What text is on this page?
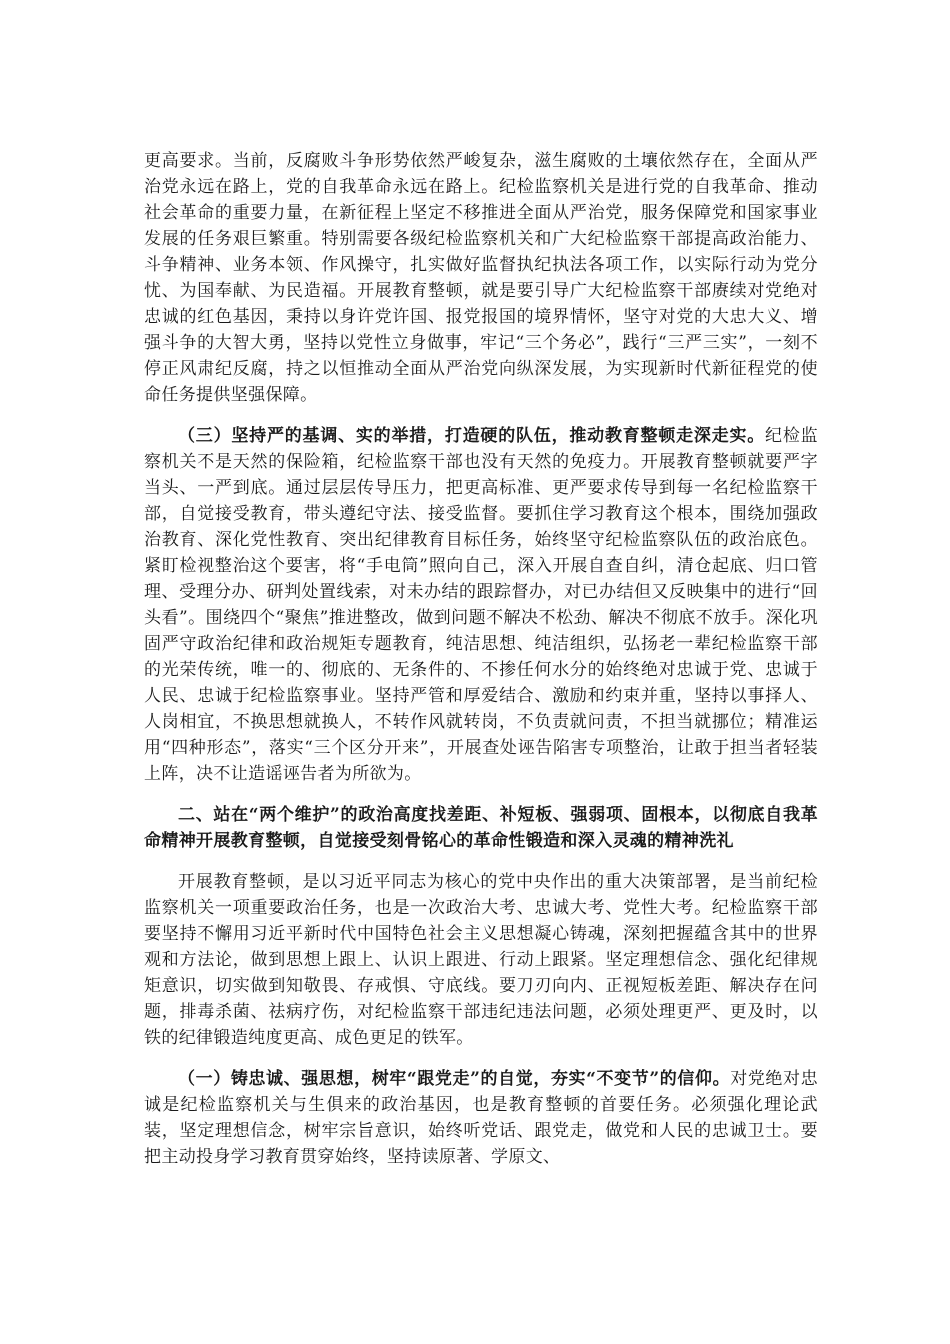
更高要求。当前，反腐败斗争形势依然严峻复杂，滋生腐败的土壤依然存在，全面从严治党永远在路上，党的自我革命永远在路上。纪检监察机关是进行党的自我革命、推动社会革命的重要力量，在新征程上坚定不移推进全面从严治党，服务保障党和国家事业发展的任务艰巨繁重。特别需要各级纪检监察机关和广大纪检监察干部提高政治能力、斗争精神、业务本领、作风操守，扎实做好监督执纪执法各项工作，以实际行动为党分忧、为国奉献、为民造福。开展教育整顿，就是要引导广大纪检监察干部赓续对党绝对忠诚的红色基因，秉持以身许党许国、报党报国的境界情怀，坚守对党的大忠大义、增强斗争的大智大勇，坚持以党性立身做事，牢记“三个务必”，践行“三严三实”，一刻不停正风肃纪反腐，持之以恒推动全面从严治党向纵深发展，为实现新时代新征程党的使命任务提供坚强保障。

（三）坚持严的基调、实的举措，打造硬的队伍，推动教育整顿走深走实。纪检监察机关不是天然的保险箱，纪检监察干部也没有天然的免疫力。开展教育整顿就要严字当头、一严到底。通过层层传导压力，把更高标准、更严要求传导到每一名纪检监察干部，自觉接受教育，带头遵纪守法、接受监督。要抓住学习教育这个根本，围绕加强政治教育、深化党性教育、突出纪律教育目标任务，始终坚守纪检监察队伍的政治底色。紧盯检视整治这个要害，将“手电筒”照向自己，深入开展自查自纠，清仓起底、归口管理、受理分办、研判处置线索，对未办结的跟踪督办，对已办结但又反映集中的进行“回头看”。围绕四个“聚焦”推进整改，做到问题不解决不松劲、解决不彻底不放手。深化巩固严守政治纪律和政治规矩专题教育，纯洁思想、纯洁组织，弘扬老一辈纪检监察干部的光荣传统，唯一的、彻底的、无条件的、不掺任何水分的始终绝对忠诚于党、忠诚于人民、忠诚于纪检监察事业。坚持严管和厚爱结合、激励和约束并重，坚持以事择人、人岗相宜，不换思想就换人，不转作风就转岗，不负责就问责，不担当就挪位；精准运用“四种形态”，落实“三个区分开来”，开展查处诬告陷害专项整治，让敢于担当者轻装上阵，决不让造谣诬告者为所欲为。

二、站在“两个维护”的政治高度找差距、补短板、强弱项、固根本，以彻底自我革命精神开展教育整顿，自觉接受刻骨铭心的革命性锻造和深入灵魂的精神洗礼

开展教育整顿，是以习近平同志为核心的党中央作出的重大决策部署，是当前纪检监察机关一项重要政治任务，也是一次政治大考、忠诚大考、党性大考。纪检监察干部要坚持不懈用习近平新时代中国特色社会主义思想凝心铸魂，深刻把握蕴含其中的世界观和方法论，做到思想上跟上、认识上跟进、行动上跟紧。坚定理想信念、强化纪律规矩意识，切实做到知敬畏、存戒惧、守底线。要刀刃向内、正视短板差距、解决存在问题，排毒杀菌、祛病疗伤，对纪检监察干部违纪违法问题，必须处理更严、更及时，以铁的纪律锻造纯度更高、成色更足的铁军。

（一）铸忠诚、强思想，树牢“跟党走”的自觉，夯实“不变节”的信仰。对党绝对忠诚是纪检监察机关与生俱来的政治基因，也是教育整顿的首要任务。必须强化理论武装，坚定理想信念，树牢宗旨意识，始终听党话、跟党走，做党和人民的忠诚卫士。要把主动投身学习教育贯穿始终，坚持读原著、学原文、
